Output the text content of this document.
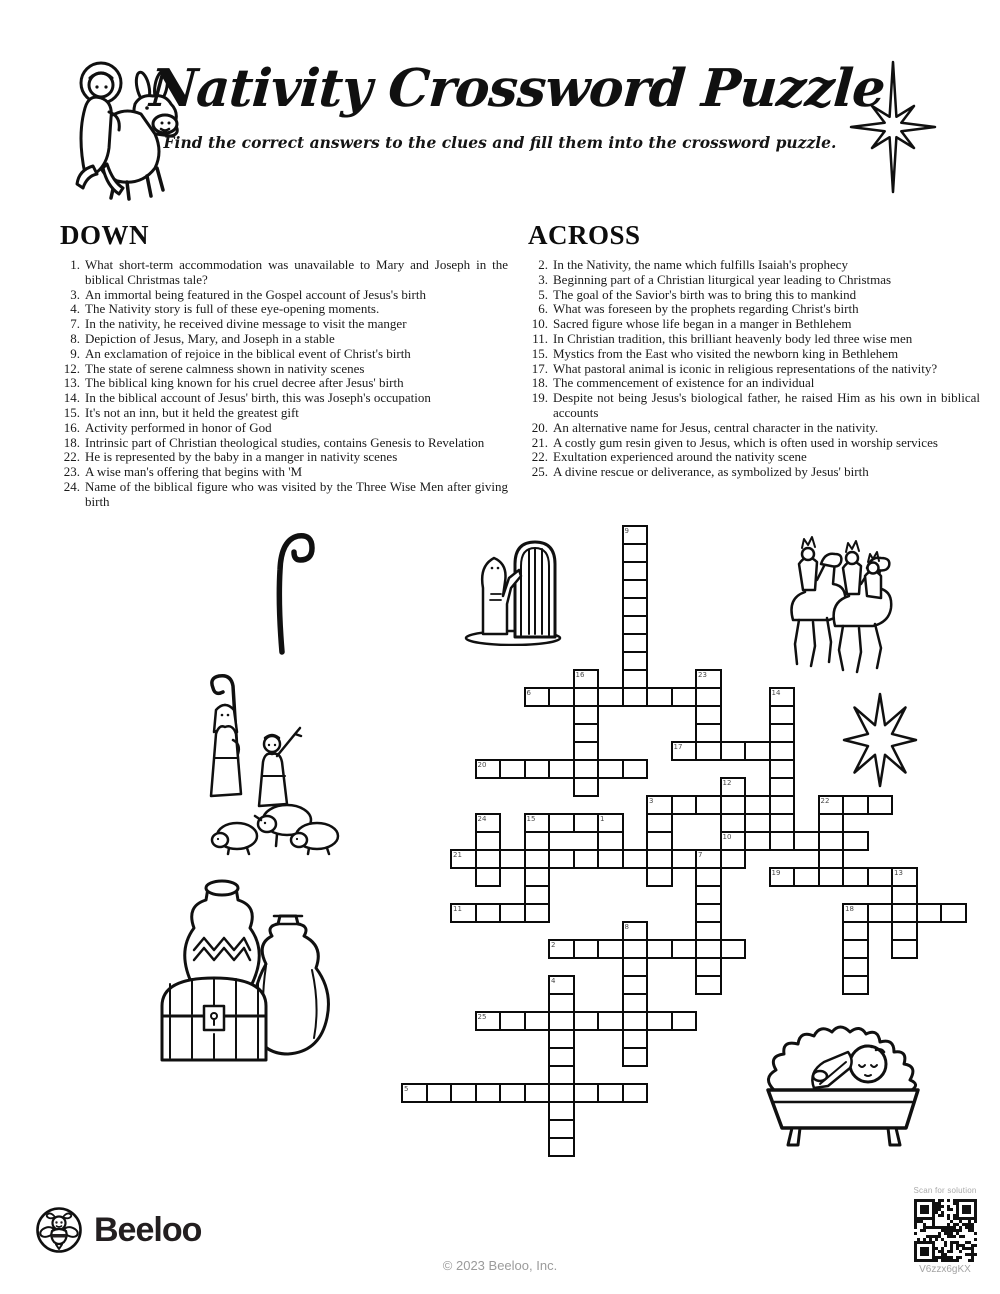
Nativity Crossword Puzzle
Find the correct answers to the clues and fill them into the crossword puzzle.
DOWN
1. What short-term accommodation was unavailable to Mary and Joseph in the biblical Christmas tale?
3. An immortal being featured in the Gospel account of Jesus's birth
4. The Nativity story is full of these eye-opening moments.
7. In the nativity, he received divine message to visit the manger
8. Depiction of Jesus, Mary, and Joseph in a stable
9. An exclamation of rejoice in the biblical event of Christ's birth
12. The state of serene calmness shown in nativity scenes
13. The biblical king known for his cruel decree after Jesus' birth
14. In the biblical account of Jesus' birth, this was Joseph's occupation
15. It's not an inn, but it held the greatest gift
16. Activity performed in honor of God
18. Intrinsic part of Christian theological studies, contains Genesis to Revelation
22. He is represented by the baby in a manger in nativity scenes
23. A wise man's offering that begins with 'M
24. Name of the biblical figure who was visited by the Three Wise Men after giving birth
ACROSS
2. In the Nativity, the name which fulfills Isaiah's prophecy
3. Beginning part of a Christian liturgical year leading to Christmas
5. The goal of the Savior's birth was to bring this to mankind
6. What was foreseen by the prophets regarding Christ's birth
10. Sacred figure whose life began in a manger in Bethlehem
11. In Christian tradition, this brilliant heavenly body led three wise men
15. Mystics from the East who visited the newborn king in Bethlehem
17. What pastoral animal is iconic in religious representations of the nativity?
18. The commencement of existence for an individual
19. Despite not being Jesus's biological father, he raised Him as his own in biblical accounts
20. An alternative name for Jesus, central character in the nativity.
21. A costly gum resin given to Jesus, which is often used in worship services
22. Exultation experienced around the nativity scene
25. A divine rescue or deliverance, as symbolized by Jesus' birth
9
16	23
6	14
17
20
12
10
3	22
24	15	1
21	7
19	13
11	18
8
2
4
25
5
Beeloo
© 2023 Beeloo, Inc.
Scan for solution
V6zzx6gKX
